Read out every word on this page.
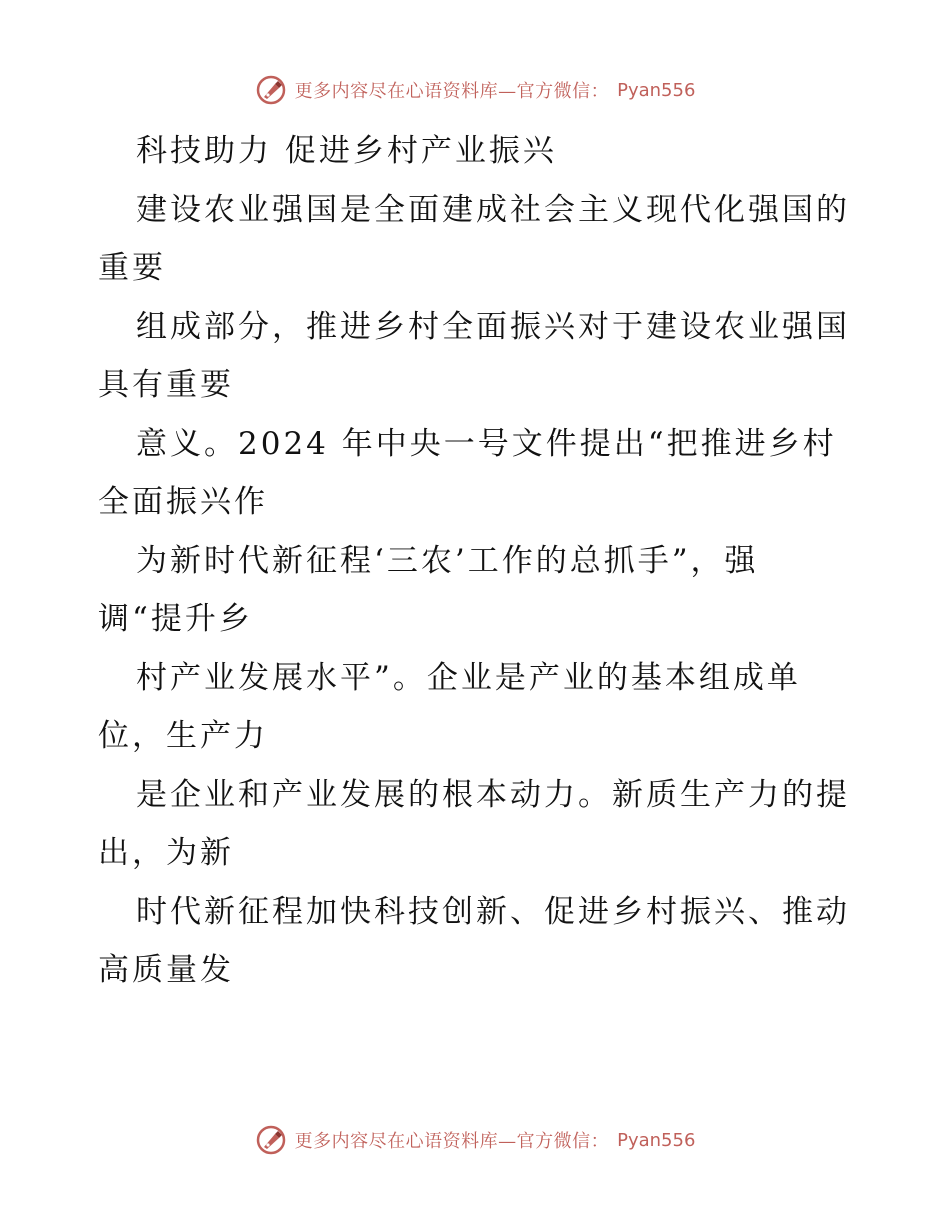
更多内容尽在心语资料库—官方微信： Pyan556
科技助力 促进乡村产业振兴
建设农业强国是全面建成社会主义现代化强国的
重要
组成部分，推进乡村全面振兴对于建设农业强国
具有重要
意义。2024 年中央一号文件提出“把推进乡村
全面振兴作
为新时代新征程‘三农’工作的总抓手”，强
调“提升乡
村产业发展水平”。企业是产业的基本组成单
位，生产力
是企业和产业发展的根本动力。新质生产力的提
出，为新
时代新征程加快科技创新、促进乡村振兴、推动
高质量发
更多内容尽在心语资料库—官方微信： Pyan556
